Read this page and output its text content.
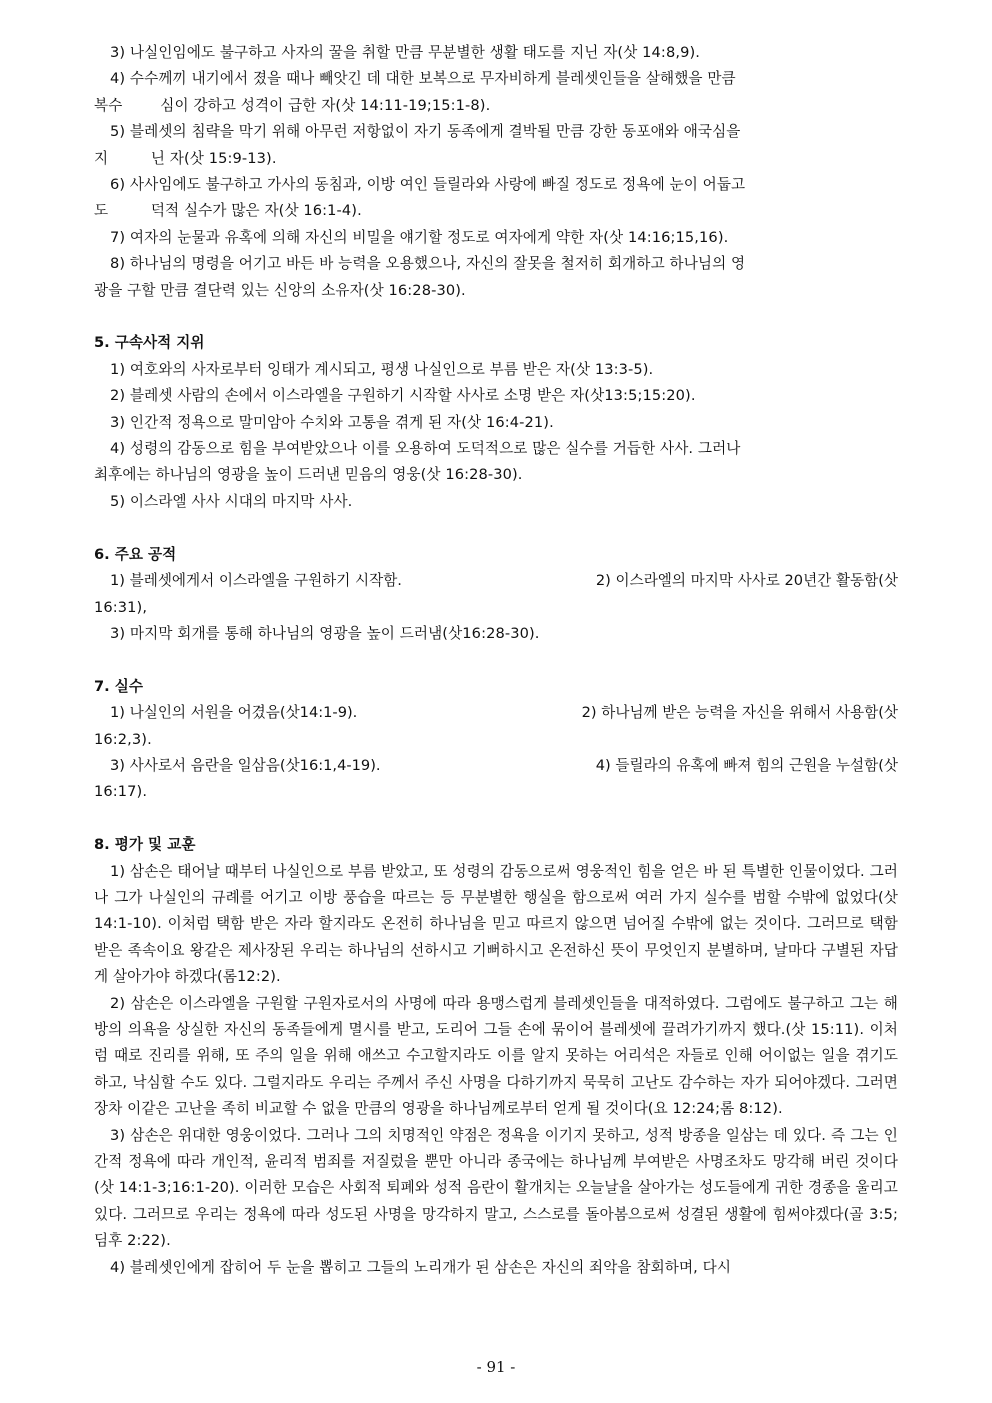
3) 나실인임에도 불구하고 사자의 꿀을 취할 만큼 무분별한 생활 태도를 지닌 자(삿 14:8,9).

4) 수수께끼 내기에서 졌을 때나 빼앗긴 데 대한 보복으로 무자비하게 블레셋인들을 살해했을 만큼

복수        심이 강하고 성격이 급한 자(삿 14:11-19;15:1-8).

5) 블레셋의 침략을 막기 위해 아무런 저항없이 자기 동족에게 결박될 만큼 강한 동포애와 애국심을

지         닌 자(삿 15:9-13).

6) 사사임에도 불구하고 가사의 동침과, 이방 여인 들릴라와 사랑에 빠질 정도로 정욕에 눈이 어둡고

도         덕적 실수가 많은 자(삿 16:1-4).

7) 여자의 눈물과 유혹에 의해 자신의 비밀을 얘기할 정도로 여자에게 약한 자(삿 14:16;15,16).

8) 하나님의 명령을 어기고 바든 바 능력을 오용했으나, 자신의 잘못을 철저히 회개하고 하나님의 영

광을 구할 만큼 결단력 있는 신앙의 소유자(삿 16:28-30).

5. 구속사적 지위

1) 여호와의 사자로부터 잉태가 계시되고, 평생 나실인으로 부름 받은 자(삿 13:3-5).

2) 블레셋 사람의 손에서 이스라엘을 구원하기 시작할 사사로 소명 받은 자(삿13:5;15:20).

3) 인간적 정욕으로 말미암아 수치와 고통을 겪게 된 자(삿 16:4-21).

4) 성령의 감동으로 힘을 부여받았으나 이를 오용하여 도덕적으로 많은 실수를 거듭한 사사. 그러나

최후에는 하나님의 영광을 높이 드러낸 믿음의 영웅(삿 16:28-30).

5) 이스라엘 사사 시대의 마지막 사사.

6. 주요 공적

1) 블레셋에게서 이스라엘을 구원하기 시작함.	2) 이스라엘의 마지막 사사로 20년간 활동함(삿

16:31),

3) 마지막 회개를 통해 하나님의 영광을 높이 드러냄(삿16:28-30).

7. 실수

1) 나실인의 서원을 어겼음(삿14:1-9).	2) 하나님께 받은 능력을 자신을 위해서 사용함(삿

16:2,3).

3) 사사로서 음란을 일삼음(삿16:1,4-19).	4) 들릴라의 유혹에 빠져 힘의 근원을 누설함(삿

16:17).

8. 평가 및 교훈

1) 삼손은 태어날 때부터 나실인으로 부름 받았고, 또 성령의 감동으로써 영웅적인 힘을 얻은 바 된 특별한 인물이었다. 그러나 그가 나실인의 규례를 어기고 이방 풍습을 따르는 등 무분별한 행실을 함으로써 여러 가지 실수를 범할 수밖에 없었다(삿14:1-10). 이처럼 택함 받은 자라 할지라도 온전히 하나님을 믿고 따르지 않으면 넘어질 수밖에 없는 것이다. 그러므로 택함 받은 족속이요 왕같은 제사장된 우리는 하나님의 선하시고 기뻐하시고 온전하신 뜻이 무엇인지 분별하며, 날마다 구별된 자답게 살아가야 하겠다(롬12:2).

2) 삼손은 이스라엘을 구원할 구원자로서의 사명에 따라 용맹스럽게 블레셋인들을 대적하였다. 그럼에도 불구하고 그는 해방의 의욕을 상실한 자신의 동족들에게 멸시를 받고, 도리어 그들 손에 묶이어 블레셋에 끌려가기까지 했다.(삿 15:11). 이처럼 때로 진리를 위해, 또 주의 일을 위해 애쓰고 수고할지라도 이를 알지 못하는 어리석은 자들로 인해 어이없는 일을 겪기도 하고, 낙심할 수도 있다. 그럴지라도 우리는 주께서 주신 사명을 다하기까지 묵묵히 고난도 감수하는 자가 되어야겠다. 그러면 장차 이같은 고난을 족히 비교할 수 없을 만큼의 영광을 하나님께로부터 얻게 될 것이다(요 12:24;롬 8:12).

3) 삼손은 위대한 영웅이었다. 그러나 그의 치명적인 약점은 정욕을 이기지 못하고, 성적 방종을 일삼는 데 있다. 즉 그는 인간적 정욕에 따라 개인적, 윤리적 범죄를 저질렀을 뿐만 아니라 종국에는 하나님께 부여받은 사명조차도 망각해 버린 것이다(삿 14:1-3;16:1-20). 이러한 모습은 사회적 퇴폐와 성적 음란이 활개치는 오늘날을 살아가는 성도들에게 귀한 경종을 울리고 있다. 그러므로 우리는 정욕에 따라 성도된 사명을 망각하지 말고, 스스로를 돌아봄으로써 성결된 생활에 힘써야겠다(골 3:5;딤후 2:22).

4) 블레셋인에게 잡히어 두 눈을 뽑히고 그들의 노리개가 된 삼손은 자신의 죄악을 참회하며, 다시

- 91 -
